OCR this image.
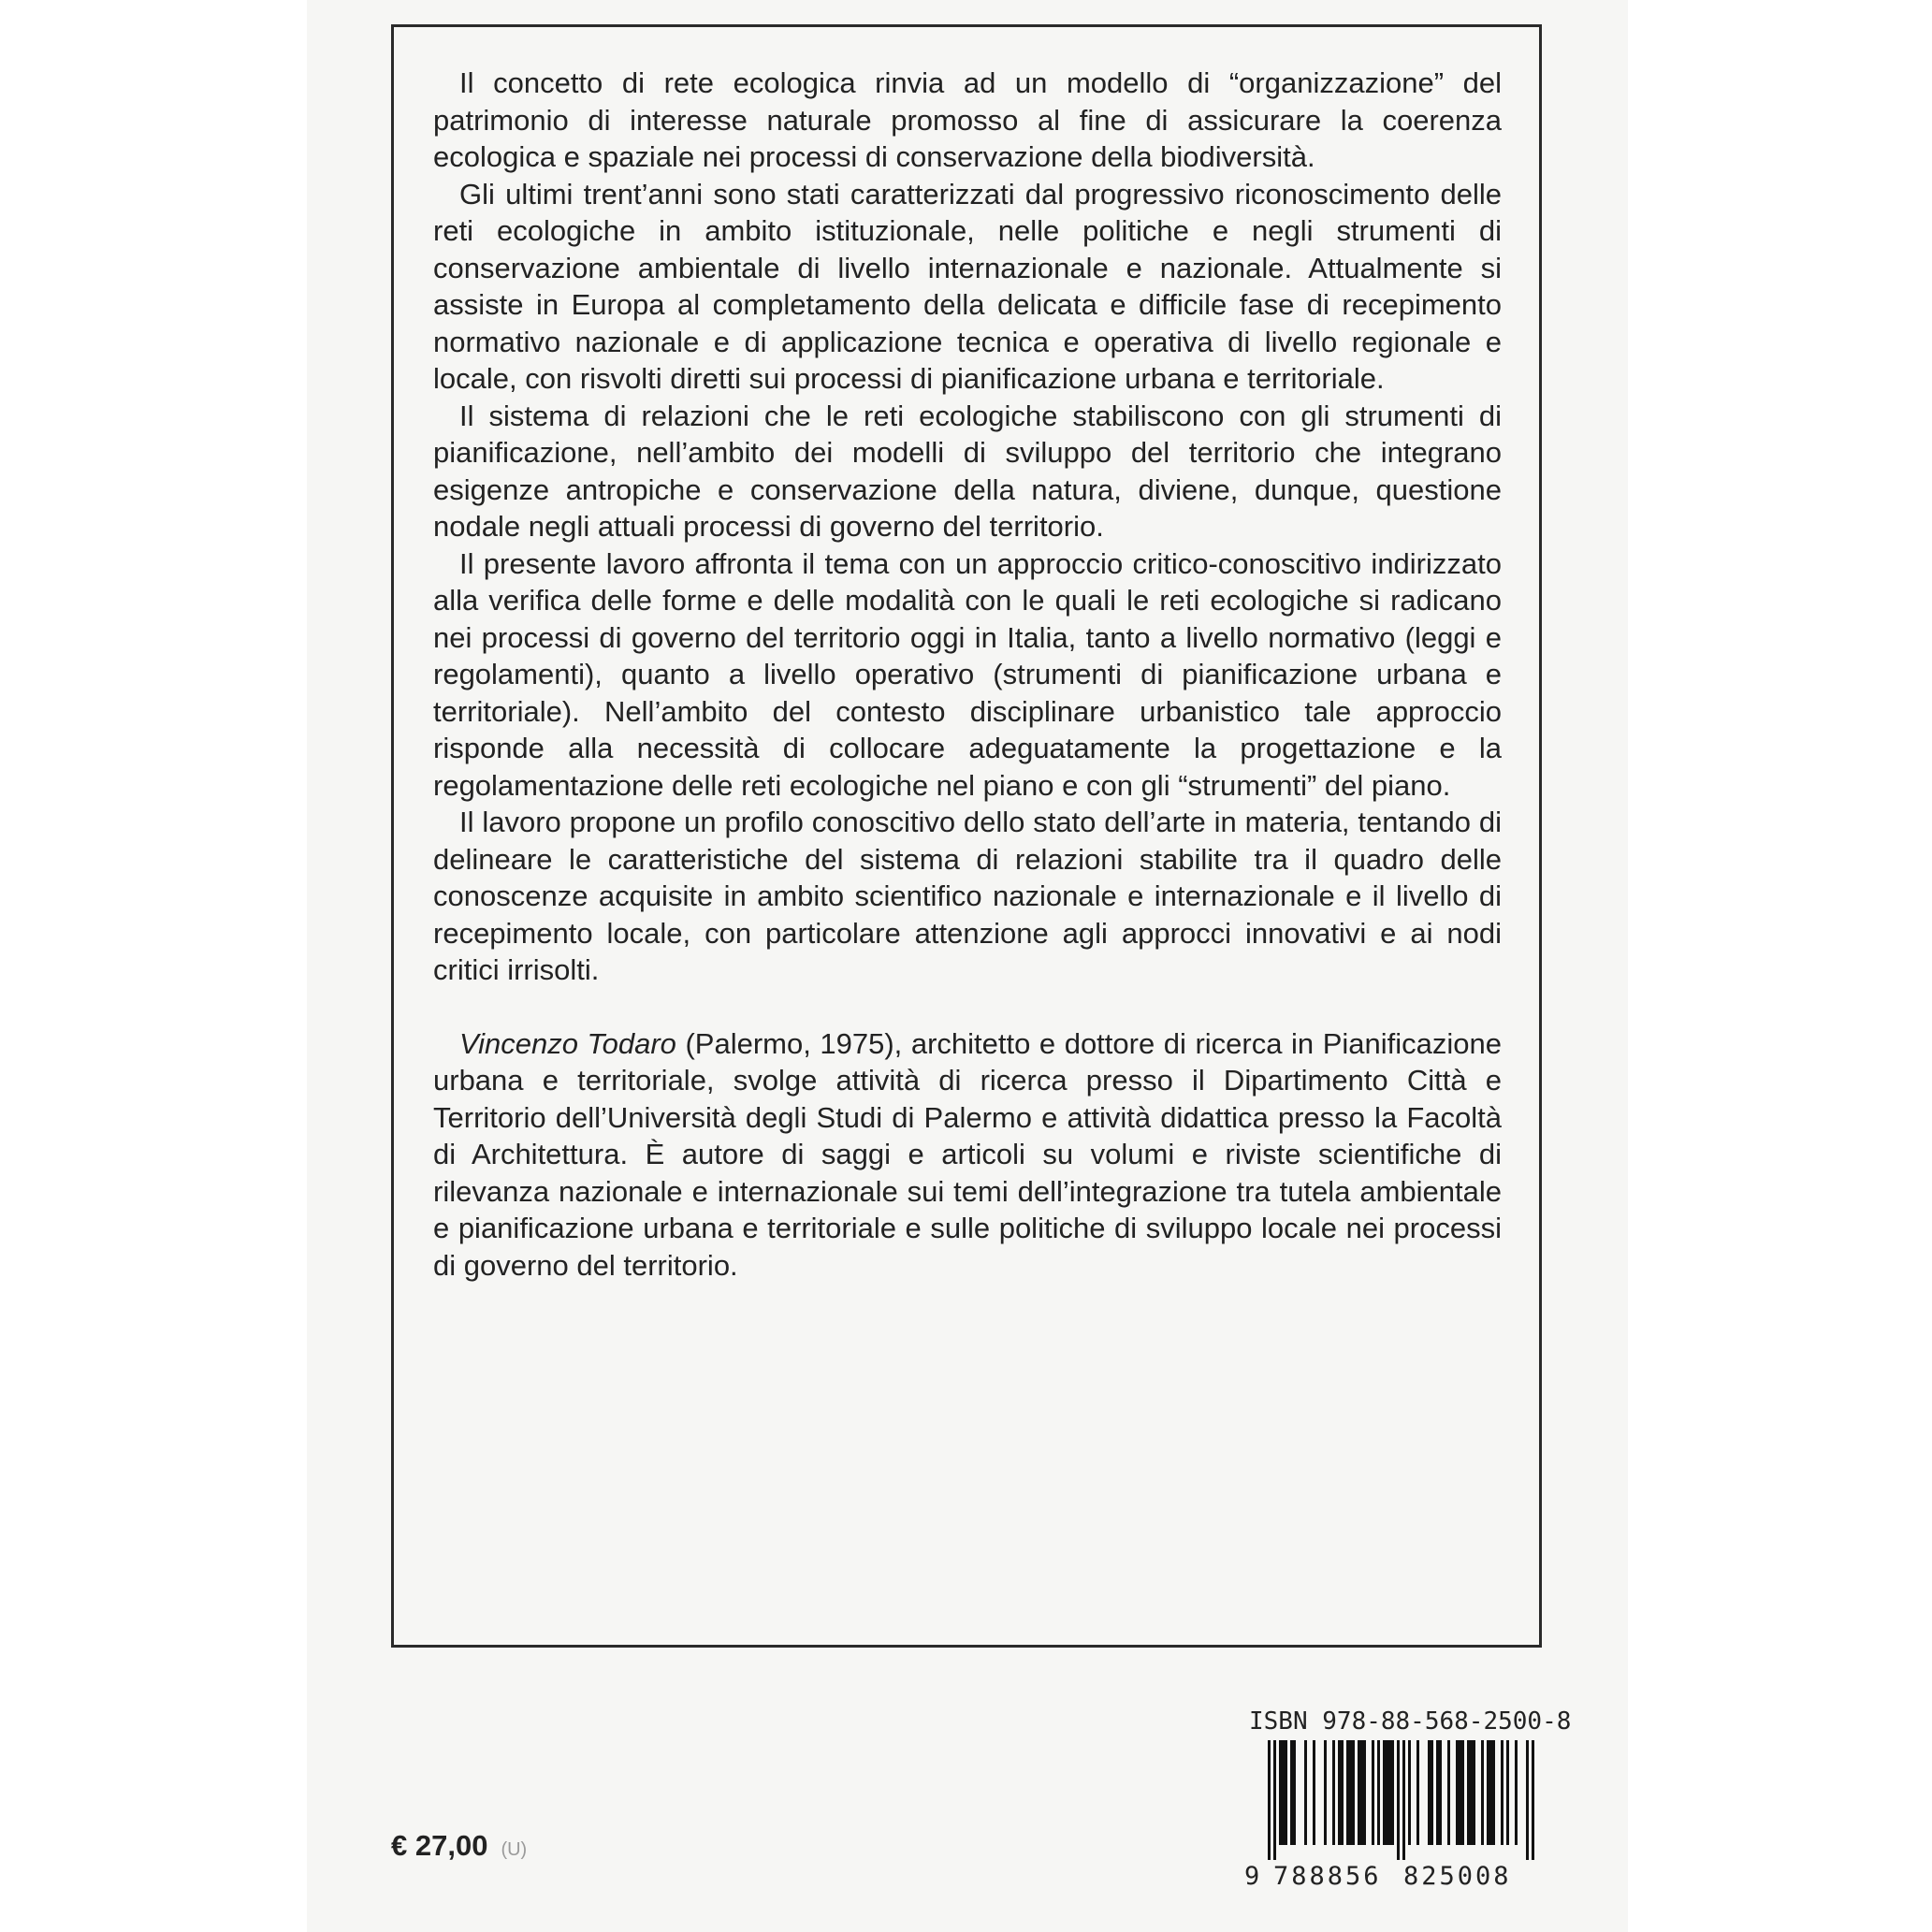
Il concetto di rete ecologica rinvia ad un modello di “organizzazione” del patrimonio di interesse naturale promosso al fine di assicurare la coerenza ecologica e spaziale nei processi di conservazione della biodiversità.

Gli ultimi trent’anni sono stati caratterizzati dal progressivo riconoscimento delle reti ecologiche in ambito istituzionale, nelle politiche e negli strumenti di conservazione ambientale di livello internazionale e nazionale. Attualmente si assiste in Europa al completamento della delicata e difficile fase di recepimento normativo nazionale e di applicazione tecnica e operativa di livello regionale e locale, con risvolti diretti sui processi di pianificazione urbana e territoriale.

Il sistema di relazioni che le reti ecologiche stabiliscono con gli strumenti di pianificazione, nell’ambito dei modelli di sviluppo del territorio che integrano esigenze antropiche e conservazione della natura, diviene, dunque, questione nodale negli attuali processi di governo del territorio.

Il presente lavoro affronta il tema con un approccio critico-conoscitivo indirizzato alla verifica delle forme e delle modalità con le quali le reti ecologiche si radicano nei processi di governo del territorio oggi in Italia, tanto a livello normativo (leggi e regolamenti), quanto a livello operativo (strumenti di pianificazione urbana e territoriale). Nell’ambito del contesto disciplinare urbanistico tale approccio risponde alla necessità di collocare adeguatamente la progettazione e la regolamentazione delle reti ecologiche nel piano e con gli “strumenti” del piano.

Il lavoro propone un profilo conoscitivo dello stato dell’arte in materia, tentando di delineare le caratteristiche del sistema di relazioni stabilite tra il quadro delle conoscenze acquisite in ambito scientifico nazionale e internazionale e il livello di recepimento locale, con particolare attenzione agli approcci innovativi e ai nodi critici irrisolti.

Vincenzo Todaro (Palermo, 1975), architetto e dottore di ricerca in Pianificazione urbana e territoriale, svolge attività di ricerca presso il Dipartimento Città e Territorio dell’Università degli Studi di Palermo e attività didattica presso la Facoltà di Architettura. È autore di saggi e articoli su volumi e riviste scientifiche di rilevanza nazionale e internazionale sui temi dell’integrazione tra tutela ambientale e pianificazione urbana e territoriale e sulle politiche di sviluppo locale nei processi di governo del territorio.

€ 27,00 (U)
ISBN 978-88-568-2500-8
9 788856 825008
